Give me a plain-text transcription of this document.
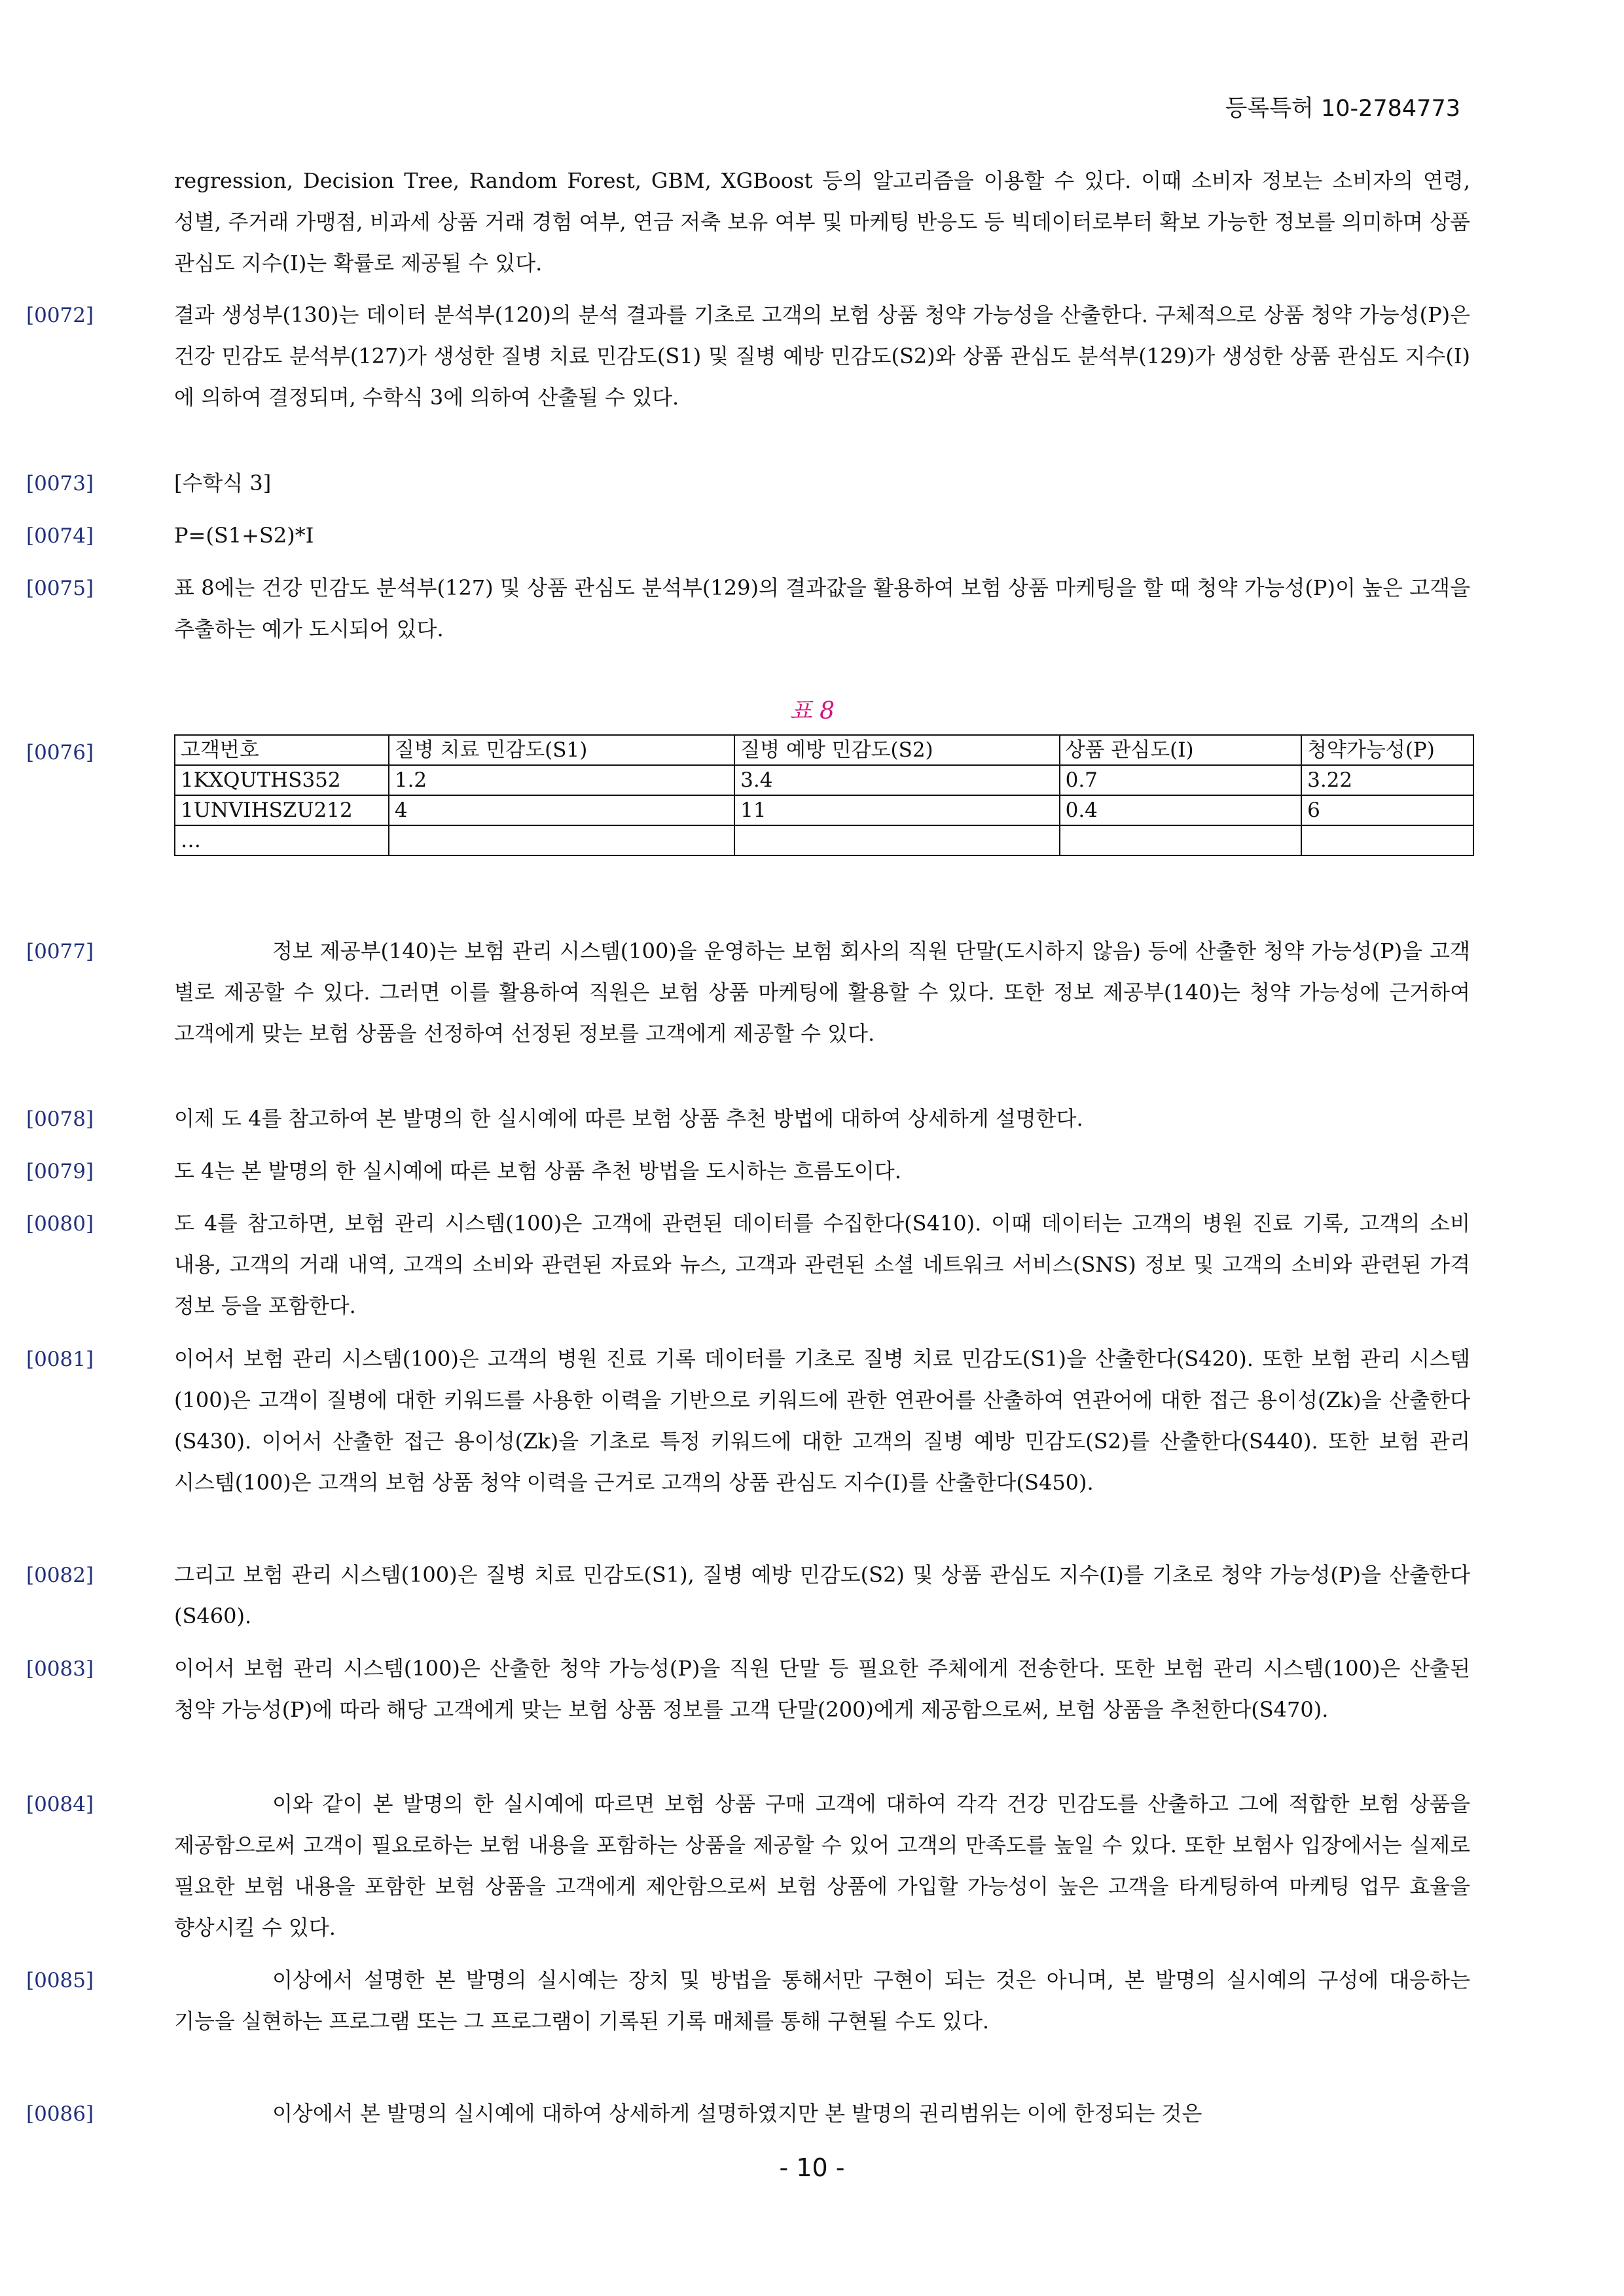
등록특허 10-2784773
regression, Decision Tree, Random Forest, GBM, XGBoost 등의 알고리즘을 이용할 수 있다. 이때 소비자 정보는 소비자의 연령, 성별, 주거래 가맹점, 비과세 상품 거래 경험 여부, 연금 저축 보유 여부 및 마케팅 반응도 등 빅데이터로부터 확보 가능한 정보를 의미하며 상품 관심도 지수(I)는 확률로 제공될 수 있다.
[0072]	결과 생성부(130)는 데이터 분석부(120)의 분석 결과를 기초로 고객의 보험 상품 청약 가능성을 산출한다. 구체적으로 상품 청약 가능성(P)은 건강 민감도 분석부(127)가 생성한 질병 치료 민감도(S1) 및 질병 예방 민감도(S2)와 상품 관심도 분석부(129)가 생성한 상품 관심도 지수(I)에 의하여 결정되며, 수학식 3에 의하여 산출될 수 있다.
[0073]	[수학식 3]
[0074]	P=(S1+S2)*I
[0075]	표 8에는 건강 민감도 분석부(127) 및 상품 관심도 분석부(129)의 결과값을 활용하여 보험 상품 마케팅을 할 때 청약 가능성(P)이 높은 고객을 추출하는 예가 도시되어 있다.
표 8
[0076]	고객번호	질병 치료 민감도(S1)	질병 예방 민감도(S2)	상품 관심도(I)	청약가능성(P)
1KXQUTHS352	1.2	3.4	0.7	3.22
1UNVIHSZU212	4	11	0.4	6
…				
[0077]	정보 제공부(140)는 보험 관리 시스템(100)을 운영하는 보험 회사의 직원 단말(도시하지 않음) 등에 산출한 청약 가능성(P)을 고객 별로 제공할 수 있다. 그러면 이를 활용하여 직원은 보험 상품 마케팅에 활용할 수 있다. 또한 정보 제공부(140)는 청약 가능성에 근거하여 고객에게 맞는 보험 상품을 선정하여 선정된 정보를 고객에게 제공할 수 있다.
[0078]	이제 도 4를 참고하여 본 발명의 한 실시예에 따른 보험 상품 추천 방법에 대하여 상세하게 설명한다.
[0079]	도 4는 본 발명의 한 실시예에 따른 보험 상품 추천 방법을 도시하는 흐름도이다.
[0080]	도 4를 참고하면, 보험 관리 시스템(100)은 고객에 관련된 데이터를 수집한다(S410). 이때 데이터는 고객의 병원 진료 기록, 고객의 소비 내용, 고객의 거래 내역, 고객의 소비와 관련된 자료와 뉴스, 고객과 관련된 소셜 네트워크 서비스(SNS) 정보 및 고객의 소비와 관련된 가격 정보 등을 포함한다.
[0081]	이어서 보험 관리 시스템(100)은 고객의 병원 진료 기록 데이터를 기초로 질병 치료 민감도(S1)을 산출한다(S420). 또한 보험 관리 시스템(100)은 고객이 질병에 대한 키워드를 사용한 이력을 기반으로 키워드에 관한 연관어를 산출하여 연관어에 대한 접근 용이성(Zk)을 산출한다(S430). 이어서 산출한 접근 용이성(Zk)을 기초로 특정 키워드에 대한 고객의 질병 예방 민감도(S2)를 산출한다(S440). 또한 보험 관리 시스템(100)은 고객의 보험 상품 청약 이력을 근거로 고객의 상품 관심도 지수(I)를 산출한다(S450).
[0082]	그리고 보험 관리 시스템(100)은 질병 치료 민감도(S1), 질병 예방 민감도(S2) 및 상품 관심도 지수(I)를 기초로 청약 가능성(P)을 산출한다(S460).
[0083]	이어서 보험 관리 시스템(100)은 산출한 청약 가능성(P)을 직원 단말 등 필요한 주체에게 전송한다. 또한 보험 관리 시스템(100)은 산출된 청약 가능성(P)에 따라 해당 고객에게 맞는 보험 상품 정보를 고객 단말(200)에게 제공함으로써, 보험 상품을 추천한다(S470).
[0084]	이와 같이 본 발명의 한 실시예에 따르면 보험 상품 구매 고객에 대하여 각각 건강 민감도를 산출하고 그에 적합한 보험 상품을 제공함으로써 고객이 필요로하는 보험 내용을 포함하는 상품을 제공할 수 있어 고객의 만족도를 높일 수 있다. 또한 보험사 입장에서는 실제로 필요한 보험 내용을 포함한 보험 상품을 고객에게 제안함으로써 보험 상품에 가입할 가능성이 높은 고객을 타게팅하여 마케팅 업무 효율을 향상시킬 수 있다.
[0085]	이상에서 설명한 본 발명의 실시예는 장치 및 방법을 통해서만 구현이 되는 것은 아니며, 본 발명의 실시예의 구성에 대응하는 기능을 실현하는 프로그램 또는 그 프로그램이 기록된 기록 매체를 통해 구현될 수도 있다.
[0086]	이상에서 본 발명의 실시예에 대하여 상세하게 설명하였지만 본 발명의 권리범위는 이에 한정되는 것은
- 10 -
